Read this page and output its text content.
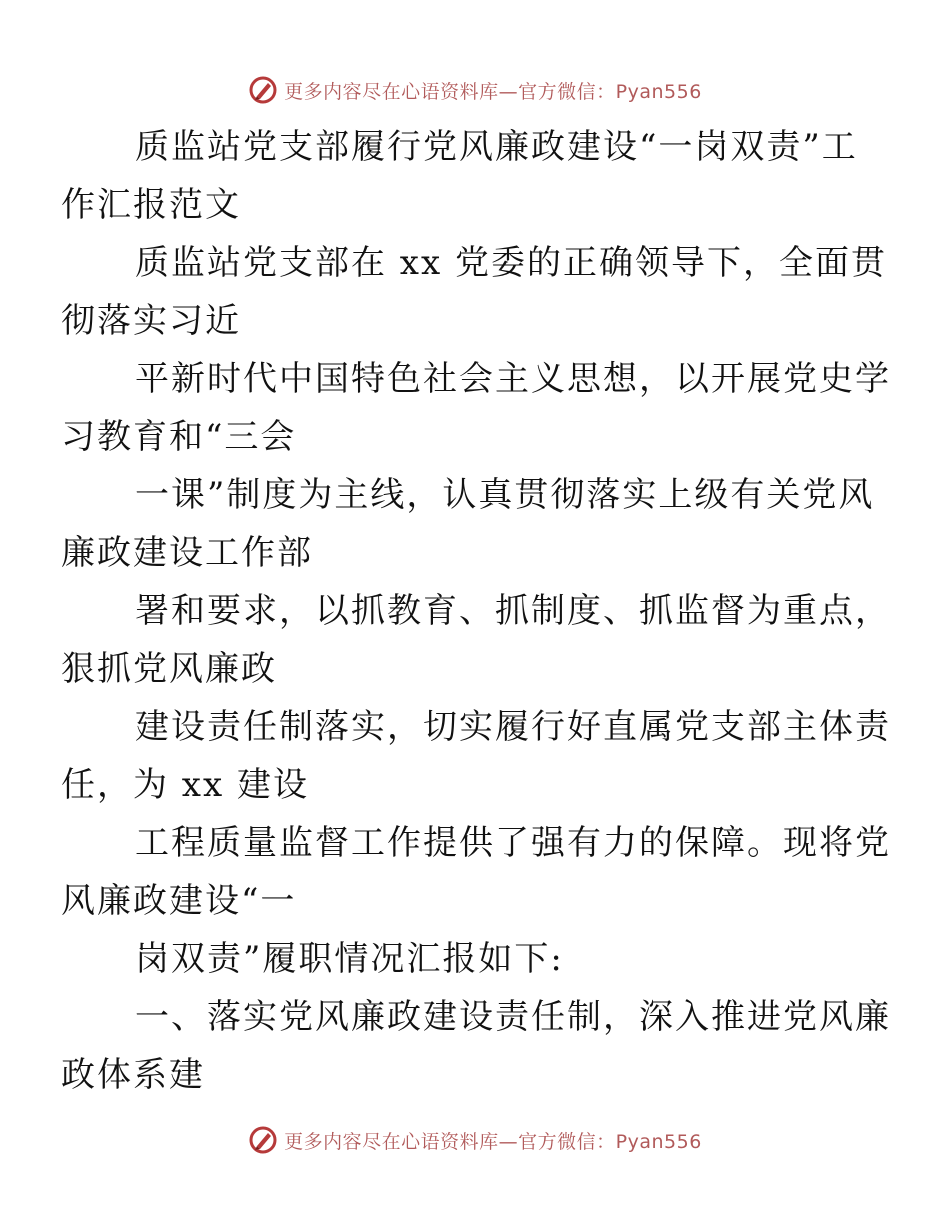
更多内容尽在心语资料库—官方微信：Pyan556

质监站党支部履行党风廉政建设“一岗双责”工
作汇报范文

质监站党支部在 xx 党委的正确领导下，全面贯
彻落实习近

平新时代中国特色社会主义思想，以开展党史学
习教育和“三会

一课”制度为主线，认真贯彻落实上级有关党风
廉政建设工作部

署和要求，以抓教育、抓制度、抓监督为重点，
狠抓党风廉政

建设责任制落实，切实履行好直属党支部主体责
任，为 xx 建设

工程质量监督工作提供了强有力的保障。现将党
风廉政建设“一

岗双责”履职情况汇报如下:

一、落实党风廉政建设责任制，深入推进党风廉
政体系建

更多内容尽在心语资料库—官方微信：Pyan556
